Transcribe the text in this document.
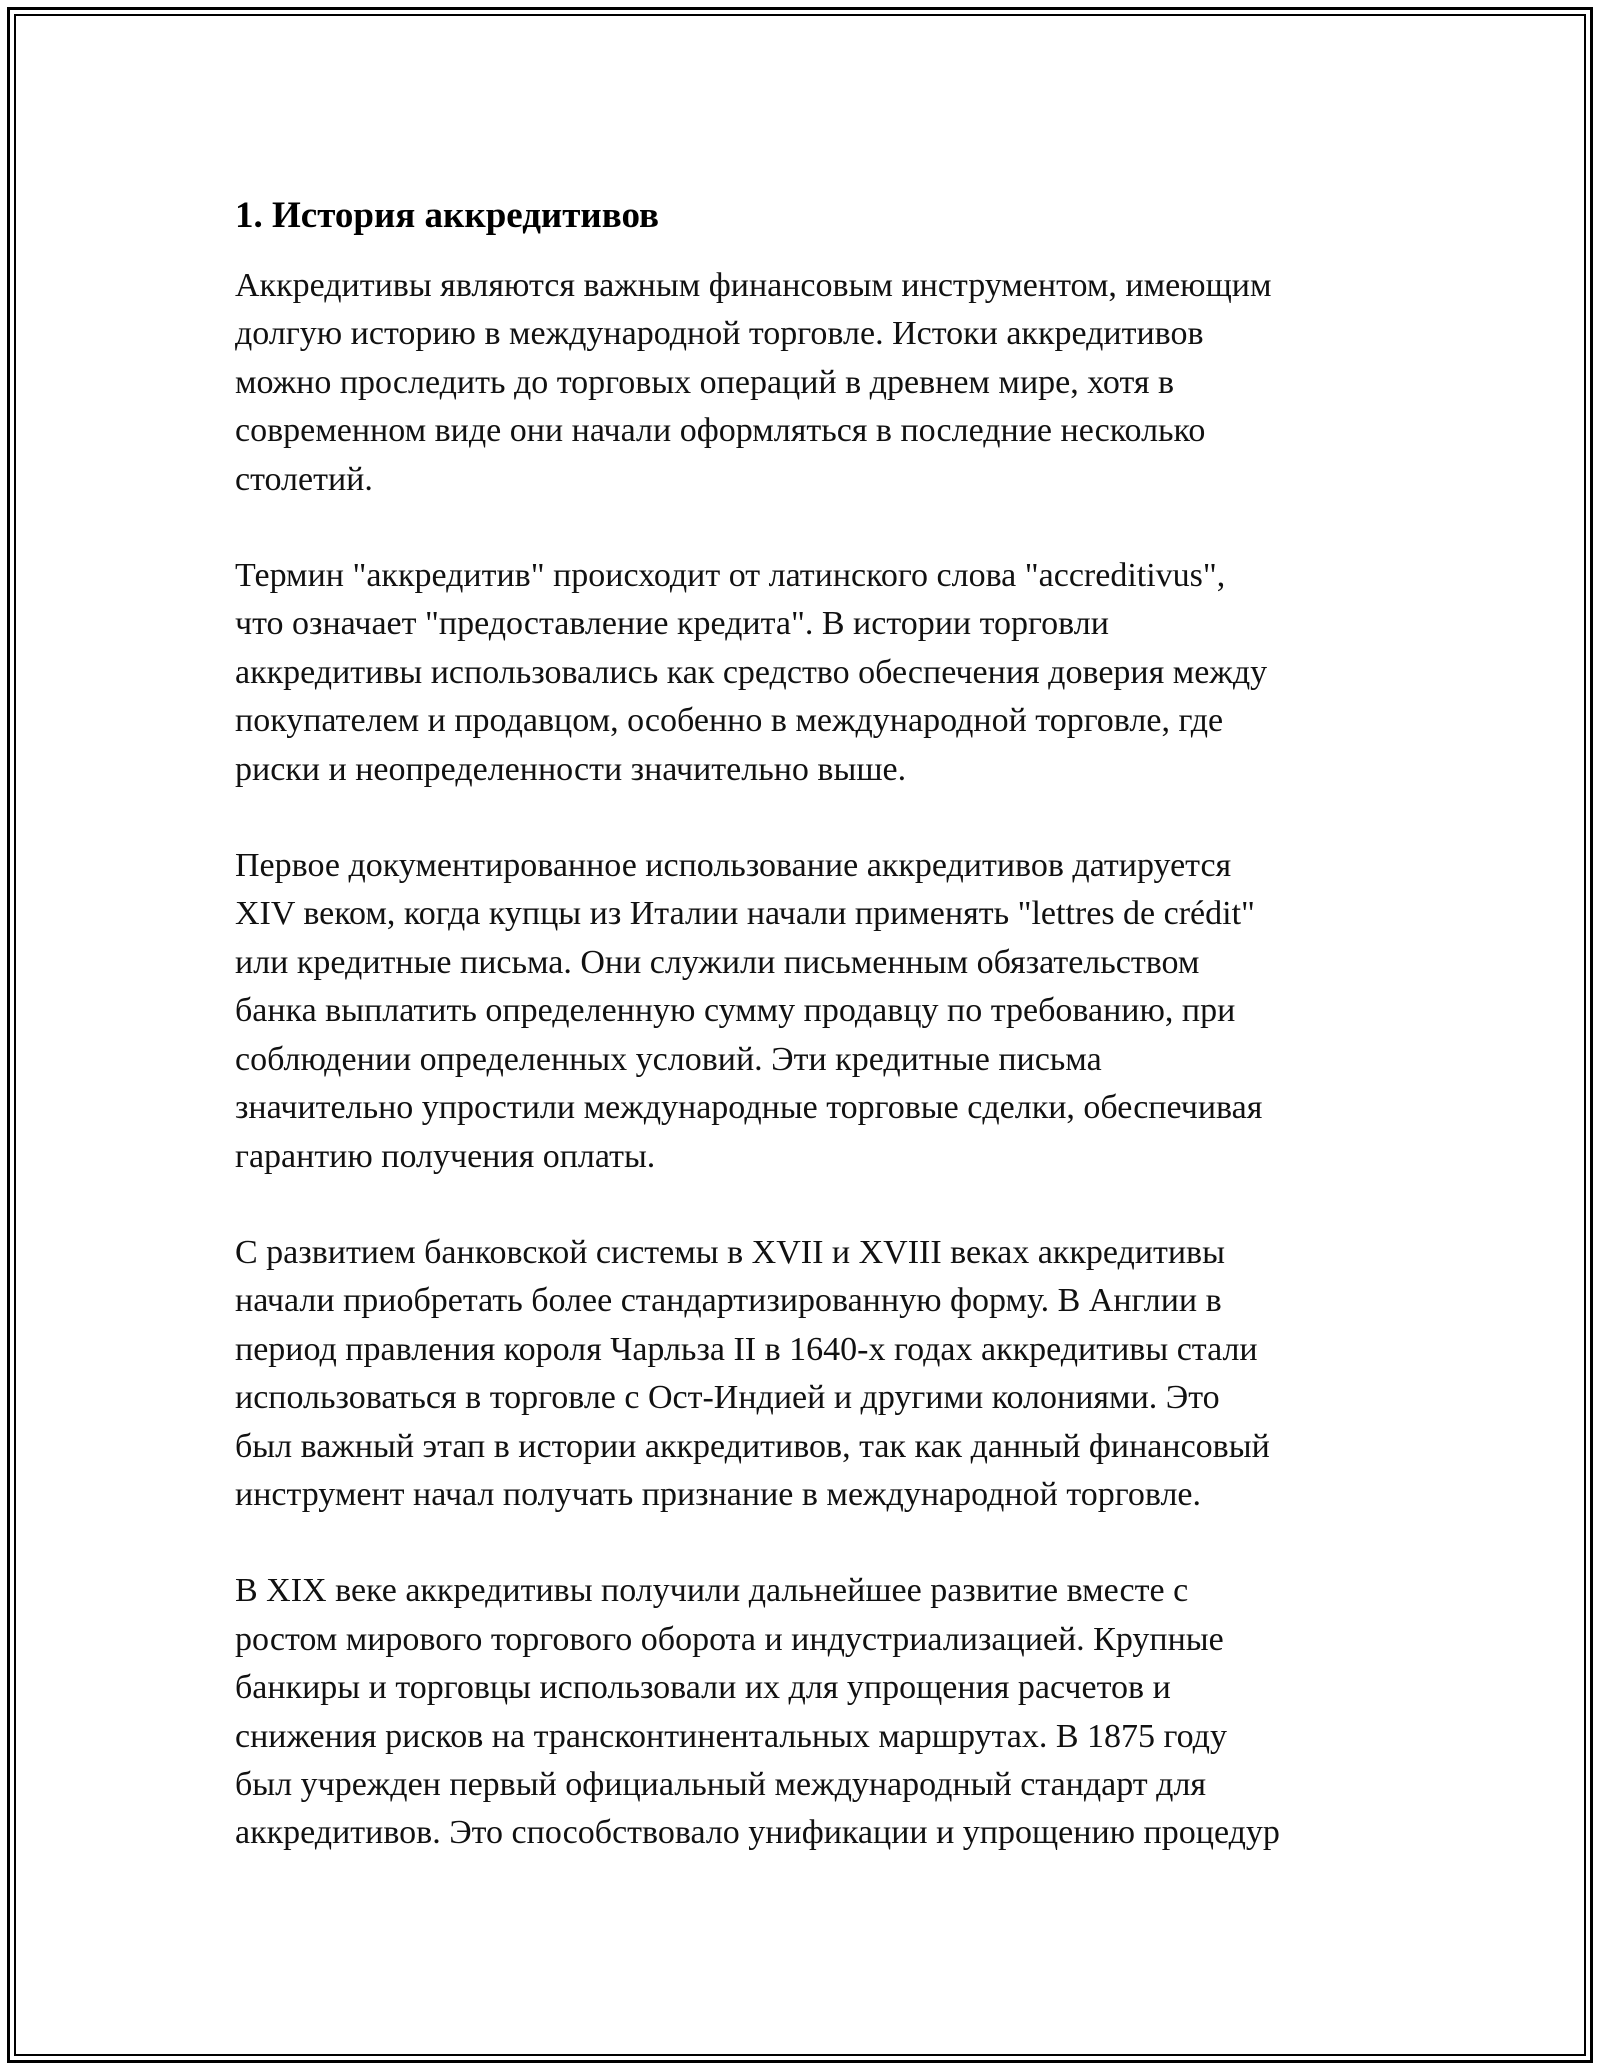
1. История аккредитивов

Аккредитивы являются важным финансовым инструментом, имеющим
долгую историю в международной торговле. Истоки аккредитивов
можно проследить до торговых операций в древнем мире, хотя в
современном виде они начали оформляться в последние несколько
столетий.

Термин "аккредитив" происходит от латинского слова "accreditivus",
что означает "предоставление кредита". В истории торговли
аккредитивы использовались как средство обеспечения доверия между
покупателем и продавцом, особенно в международной торговле, где
риски и неопределенности значительно выше.

Первое документированное использование аккредитивов датируется
XIV веком, когда купцы из Италии начали применять "lettres de crédit"
или кредитные письма. Они служили письменным обязательством
банка выплатить определенную сумму продавцу по требованию, при
соблюдении определенных условий. Эти кредитные письма
значительно упростили международные торговые сделки, обеспечивая
гарантию получения оплаты.

С развитием банковской системы в XVII и XVIII веках аккредитивы
начали приобретать более стандартизированную форму. В Англии в
период правления короля Чарльза II в 1640-х годах аккредитивы стали
использоваться в торговле с Ост-Индией и другими колониями. Это
был важный этап в истории аккредитивов, так как данный финансовый
инструмент начал получать признание в международной торговле.

В XIX веке аккредитивы получили дальнейшее развитие вместе с
ростом мирового торгового оборота и индустриализацией. Крупные
банкиры и торговцы использовали их для упрощения расчетов и
снижения рисков на трансконтинентальных маршрутах. В 1875 году
был учрежден первый официальный международный стандарт для
аккредитивов. Это способствовало унификации и упрощению процедур
